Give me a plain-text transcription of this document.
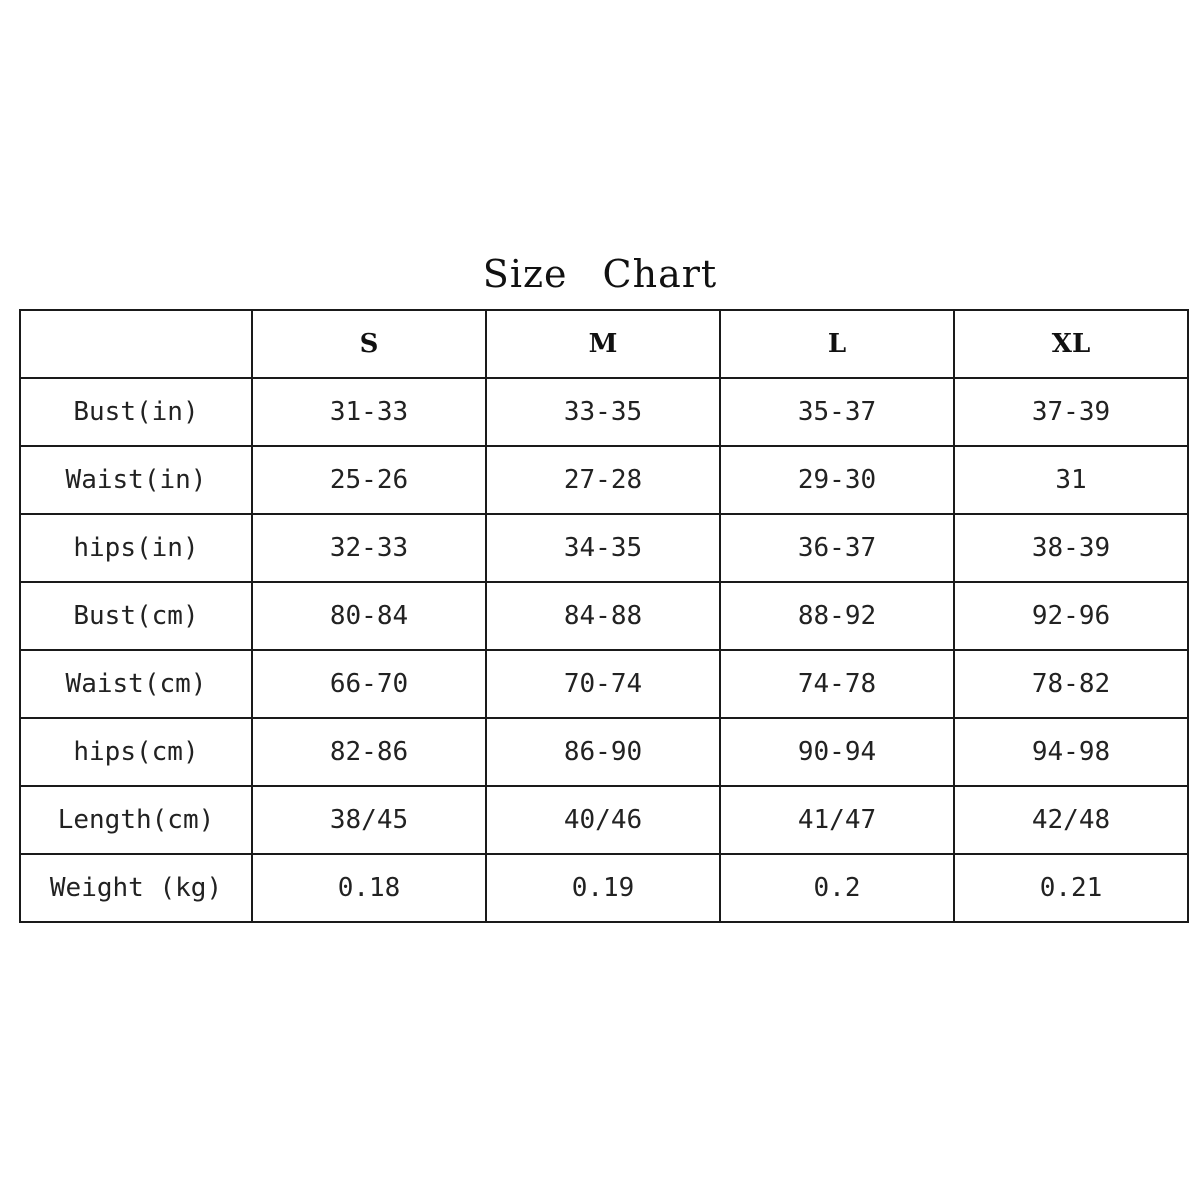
Size Chart
	S	M	L	XL
Bust(in)	31-33	33-35	35-37	37-39
Waist(in)	25-26	27-28	29-30	31
hips(in)	32-33	34-35	36-37	38-39
Bust(cm)	80-84	84-88	88-92	92-96
Waist(cm)	66-70	70-74	74-78	78-82
hips(cm)	82-86	86-90	90-94	94-98
Length(cm)	38/45	40/46	41/47	42/48
Weight (kg)	0.18	0.19	0.2	0.21
